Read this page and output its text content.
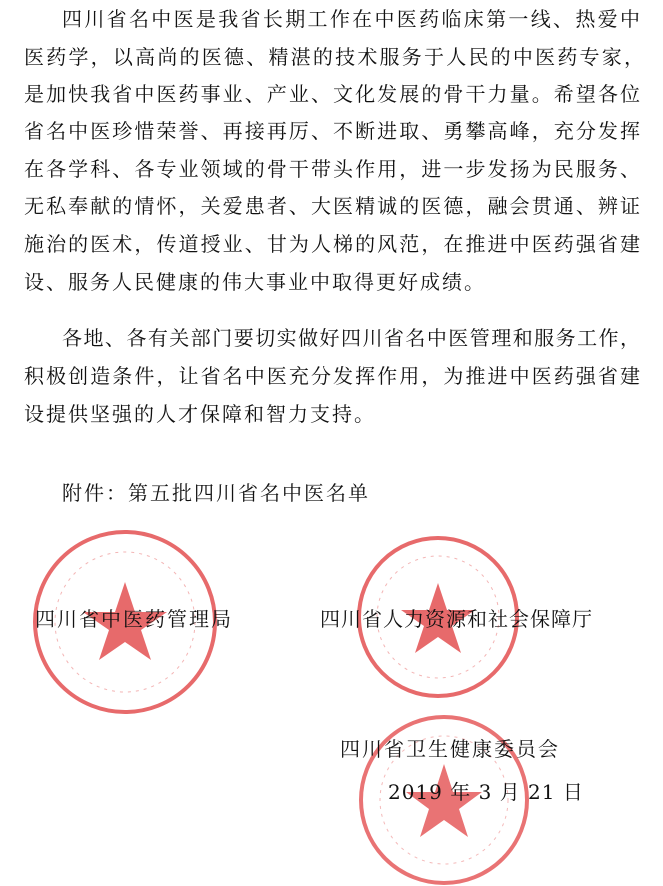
四川省名中医是我省长期工作在中医药临床第一线、热爱中
医药学，以高尚的医德、精湛的技术服务于人民的中医药专家，
是加快我省中医药事业、产业、文化发展的骨干力量。希望各位
省名中医珍惜荣誉、再接再厉、不断进取、勇攀高峰，充分发挥
在各学科、各专业领域的骨干带头作用，进一步发扬为民服务、
无私奉献的情怀，关爱患者、大医精诚的医德，融会贯通、辨证
施治的医术，传道授业、甘为人梯的风范，在推进中医药强省建
设、服务人民健康的伟大事业中取得更好成绩。
各地、各有关部门要切实做好四川省名中医管理和服务工作，
积极创造条件，让省名中医充分发挥作用，为推进中医药强省建
设提供坚强的人才保障和智力支持。
附件：第五批四川省名中医名单
四川省中医药管理局	四川省人力资源和社会保障厅
四川省卫生健康委员会
2019 年 3 月 21 日
